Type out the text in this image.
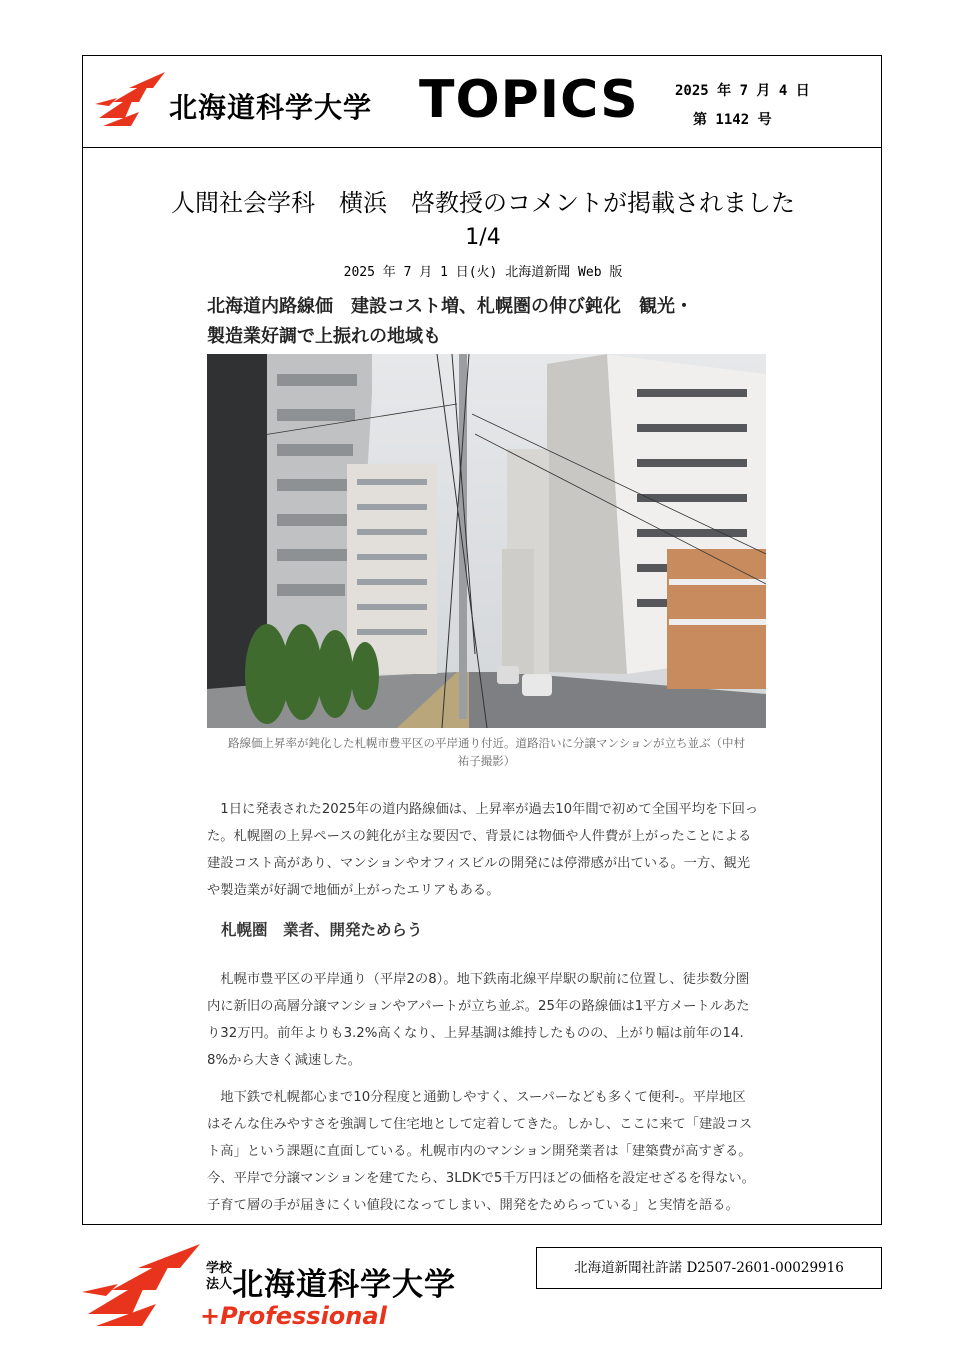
北海道科学大学 TOPICS	2025 年 7 月 4 日
第 1142 号
人間社会学科　横浜　啓教授のコメントが掲載されました
1/4
2025 年 7 月 1 日(火) 北海道新聞 Web 版
北海道内路線価　建設コスト増、札幌圏の伸び鈍化　観光・
製造業好調で上振れの地域も
路線価上昇率が鈍化した札幌市豊平区の平岸通り付近。道路沿いに分譲マンションが立ち並ぶ（中村
祐子撮影）
　1日に発表された2025年の道内路線価は、上昇率が過去10年間で初めて全国平均を下回っ
た。札幌圏の上昇ペースの鈍化が主な要因で、背景には物価や人件費が上がったことによる
建設コスト高があり、マンションやオフィスビルの開発には停滞感が出ている。一方、観光
や製造業が好調で地価が上がったエリアもある。
札幌圏　業者、開発ためらう
　札幌市豊平区の平岸通り（平岸2の8）。地下鉄南北線平岸駅の駅前に位置し、徒歩数分圏
内に新旧の高層分譲マンションやアパートが立ち並ぶ。25年の路線価は1平方メートルあた
り32万円。前年よりも3.2%高くなり、上昇基調は維持したものの、上がり幅は前年の14.
8%から大きく減速した。
　地下鉄で札幌都心まで10分程度と通勤しやすく、スーパーなども多くて便利‐。平岸地区
はそんな住みやすさを強調して住宅地として定着してきた。しかし、ここに来て「建設コス
ト高」という課題に直面している。札幌市内のマンション開発業者は「建築費が高すぎる。
今、平岸で分譲マンションを建てたら、3LDKで5千万円ほどの価格を設定せざるを得ない。
子育て層の手が届きにくい値段になってしまい、開発をためらっている」と実情を語る。
学校法人 北海道科学大学
+Professional
北海道新聞社許諾 D2507-2601-00029916
